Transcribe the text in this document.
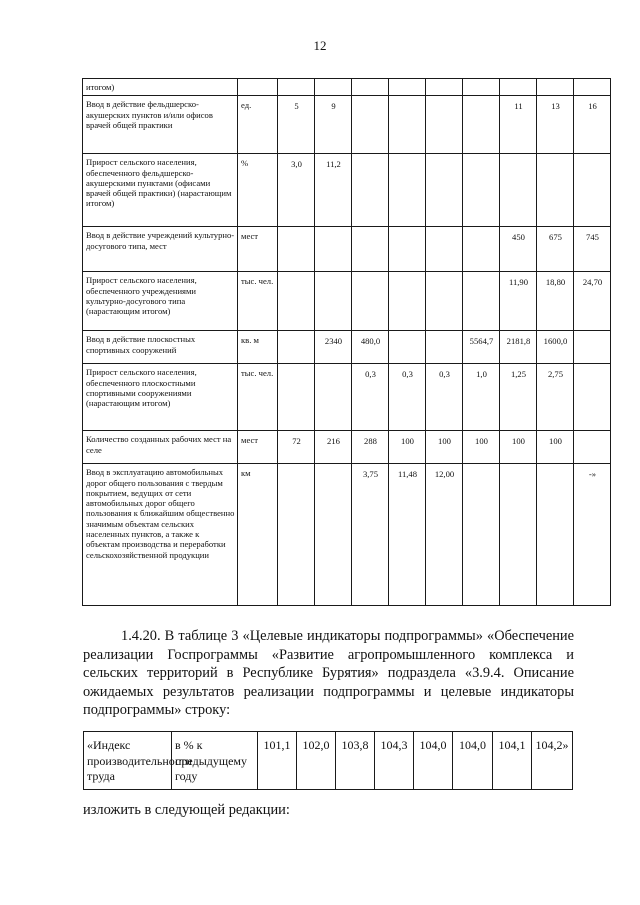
12
итогом)										
Ввод в действие фельдшерско-акушерских пунктов и/или офисов врачей общей практики	ед.	5	9					11	13	16
Прирост сельского населения, обеспеченного фельдшерско-акушерскими пунктами (офисами врачей общей практики) (нарастающим итогом)	%	3,0	11,2							
Ввод в действие учреждений культурно-досугового типа, мест	мест							450	675	745
Прирост сельского населения, обеспеченного учреждениями культурно-досугового типа (нарастающим итогом)	тыс. чел.							11,90	18,80	24,70
Ввод в действие плоскостных спортивных сооружений	кв. м		2340	480,0			5564,7	2181,8	1600,0	
Прирост сельского населения, обеспеченного плоскостными спортивными сооружениями (нарастающим итогом)	тыс. чел.			0,3	0,3	0,3	1,0	1,25	2,75	
Количество созданных рабочих мест на селе	мест	72	216	288	100	100	100	100	100	
Ввод в эксплуатацию автомобильных дорог общего пользования с твердым покрытием, ведущих от сети автомобильных дорог общего пользования к ближайшим общественно значимым объектам сельских населенных пунктов, а также к объектам производства и переработки сельскохозяйственной продукции	км			3,75	11,48	12,00				-»

1.4.20. В таблице 3 «Целевые индикаторы подпрограммы» «Обеспечение реализации Госпрограммы «Развитие агропромышленного комплекса и сельских территорий в Республике Бурятия» подраздела «3.9.4. Описание ожидаемых результатов реализации подпрограммы и целевые индикаторы подпрограммы» строку:

«Индекс производительности труда	в % к предыдущему году	101,1	102,0	103,8	104,3	104,0	104,0	104,1	104,2»

изложить в следующей редакции:
